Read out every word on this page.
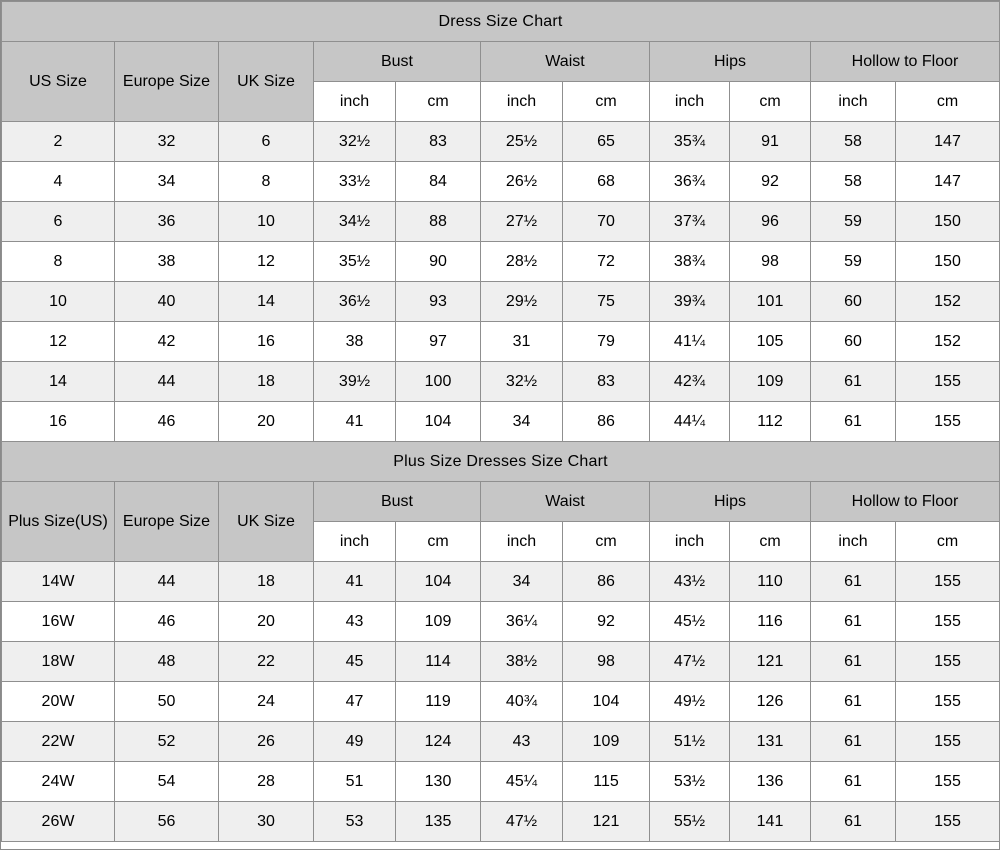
Dress Size Chart										
US Size	Europe Size	UK Size	Bust		Waist		Hips		Hollow to Floor	
			inch	cm	inch	cm	inch	cm	inch	cm
2	32	6	32½	83	25½	65	35¾	91	58	147
4	34	8	33½	84	26½	68	36¾	92	58	147
6	36	10	34½	88	27½	70	37¾	96	59	150
8	38	12	35½	90	28½	72	38¾	98	59	150
10	40	14	36½	93	29½	75	39¾	101	60	152
12	42	16	38	97	31	79	41¼	105	60	152
14	44	18	39½	100	32½	83	42¾	109	61	155
16	46	20	41	104	34	86	44¼	112	61	155
Plus Size Dresses Size Chart										
Plus Size(US)	Europe Size	UK Size	Bust		Waist		Hips		Hollow to Floor	
			inch	cm	inch	cm	inch	cm	inch	cm
14W	44	18	41	104	34	86	43½	110	61	155
16W	46	20	43	109	36¼	92	45½	116	61	155
18W	48	22	45	114	38½	98	47½	121	61	155
20W	50	24	47	119	40¾	104	49½	126	61	155
22W	52	26	49	124	43	109	51½	131	61	155
24W	54	28	51	130	45¼	115	53½	136	61	155
26W	56	30	53	135	47½	121	55½	141	61	155
